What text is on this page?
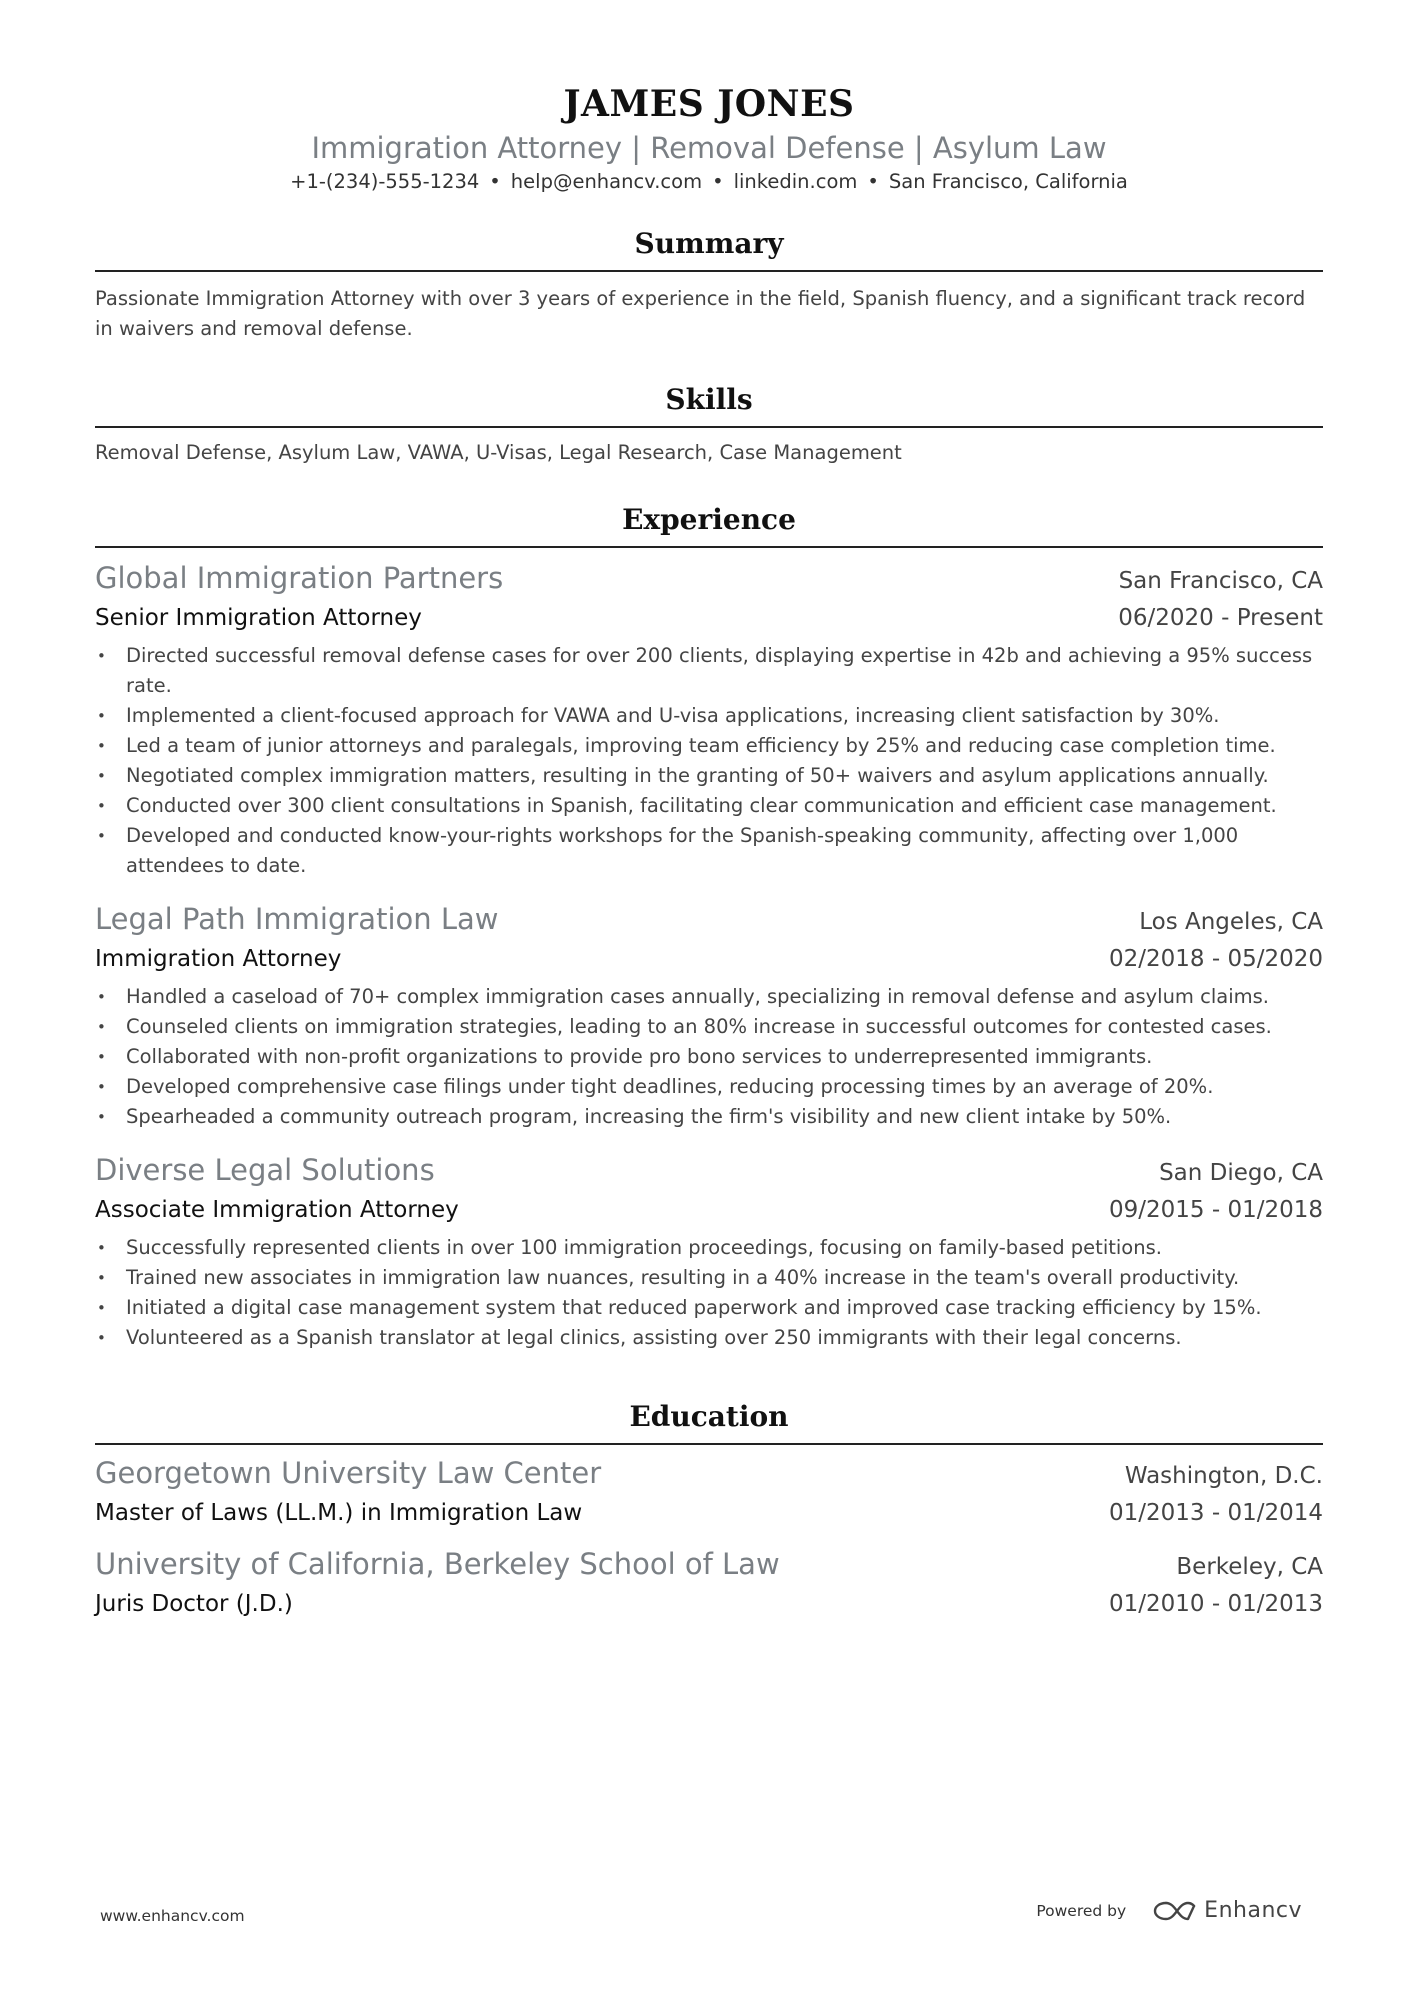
JAMES JONES
Immigration Attorney | Removal Defense | Asylum Law
+1-(234)-555-1234 • help@enhancv.com • linkedin.com • San Francisco, California
Summary
Passionate Immigration Attorney with over 3 years of experience in the field, Spanish fluency, and a significant track record in waivers and removal defense.
Skills
Removal Defense, Asylum Law, VAWA, U-Visas, Legal Research, Case Management
Experience
Global Immigration Partners	San Francisco, CA
Senior Immigration Attorney	06/2020 - Present
• Directed successful removal defense cases for over 200 clients, displaying expertise in 42b and achieving a 95% success rate.
• Implemented a client-focused approach for VAWA and U-visa applications, increasing client satisfaction by 30%.
• Led a team of junior attorneys and paralegals, improving team efficiency by 25% and reducing case completion time.
• Negotiated complex immigration matters, resulting in the granting of 50+ waivers and asylum applications annually.
• Conducted over 300 client consultations in Spanish, facilitating clear communication and efficient case management.
• Developed and conducted know-your-rights workshops for the Spanish-speaking community, affecting over 1,000 attendees to date.
Legal Path Immigration Law	Los Angeles, CA
Immigration Attorney	02/2018 - 05/2020
• Handled a caseload of 70+ complex immigration cases annually, specializing in removal defense and asylum claims.
• Counseled clients on immigration strategies, leading to an 80% increase in successful outcomes for contested cases.
• Collaborated with non-profit organizations to provide pro bono services to underrepresented immigrants.
• Developed comprehensive case filings under tight deadlines, reducing processing times by an average of 20%.
• Spearheaded a community outreach program, increasing the firm's visibility and new client intake by 50%.
Diverse Legal Solutions	San Diego, CA
Associate Immigration Attorney	09/2015 - 01/2018
• Successfully represented clients in over 100 immigration proceedings, focusing on family-based petitions.
• Trained new associates in immigration law nuances, resulting in a 40% increase in the team's overall productivity.
• Initiated a digital case management system that reduced paperwork and improved case tracking efficiency by 15%.
• Volunteered as a Spanish translator at legal clinics, assisting over 250 immigrants with their legal concerns.
Education
Georgetown University Law Center	Washington, D.C.
Master of Laws (LL.M.) in Immigration Law	01/2013 - 01/2014
University of California, Berkeley School of Law	Berkeley, CA
Juris Doctor (J.D.)	01/2010 - 01/2013
www.enhancv.com	Powered by	Enhancv
